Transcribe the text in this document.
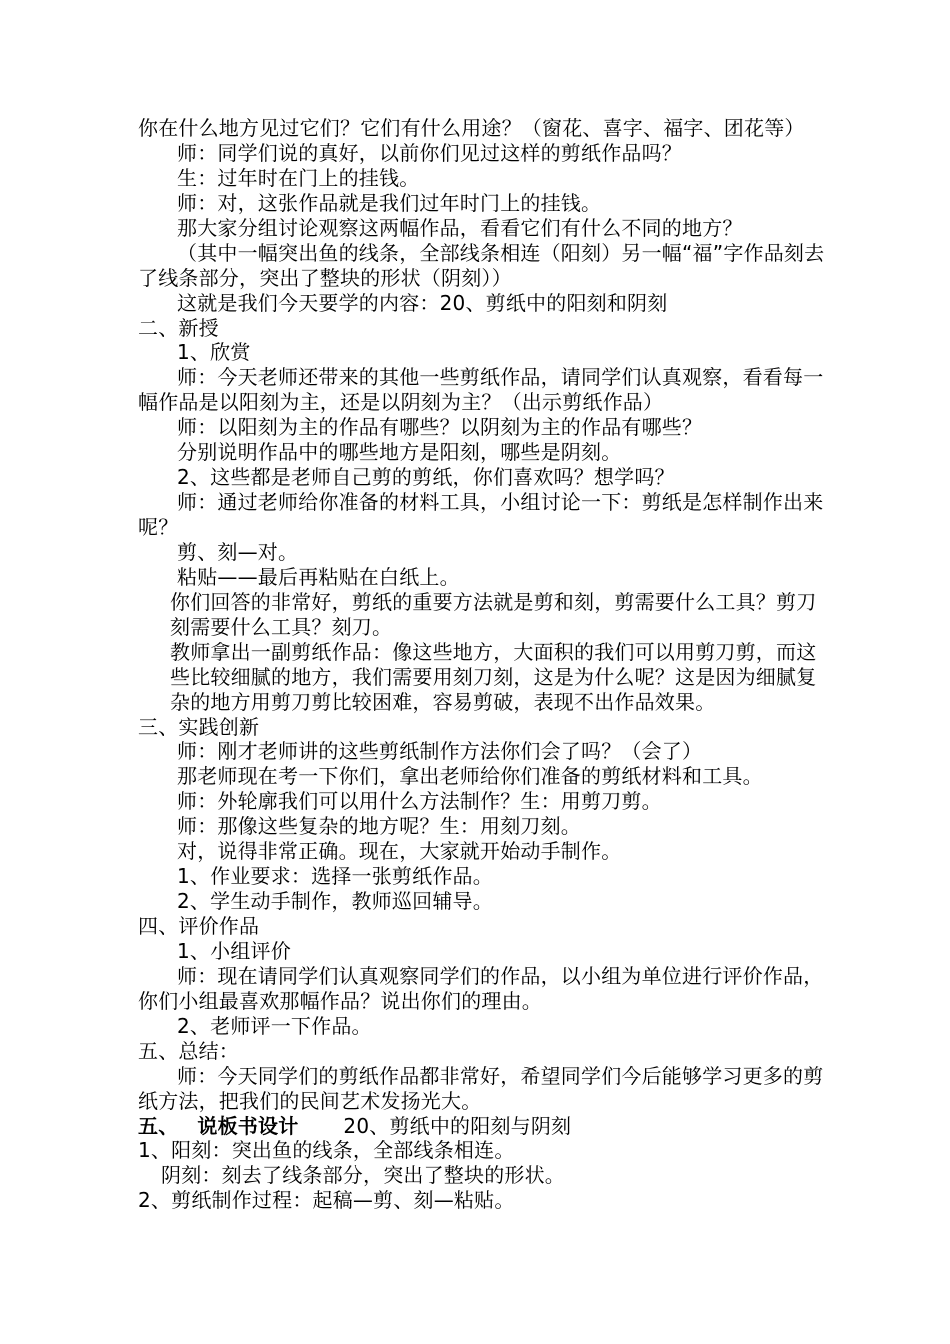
你在什么地方见过它们？它们有什么用途？（窗花、喜字、福字、团花等）
师：同学们说的真好，以前你们见过这样的剪纸作品吗？
生：过年时在门上的挂钱。
师：对，这张作品就是我们过年时门上的挂钱。
那大家分组讨论观察这两幅作品，看看它们有什么不同的地方？
（其中一幅突出鱼的线条，全部线条相连（阳刻）另一幅“福”字作品刻去
了线条部分，突出了整块的形状（阴刻））
这就是我们今天要学的内容：20、剪纸中的阳刻和阴刻
二、新授
1、欣赏
师：今天老师还带来的其他一些剪纸作品，请同学们认真观察，看看每一
幅作品是以阳刻为主，还是以阴刻为主？（出示剪纸作品）
师：以阳刻为主的作品有哪些？以阴刻为主的作品有哪些？
分别说明作品中的哪些地方是阳刻，哪些是阴刻。
2、这些都是老师自己剪的剪纸，你们喜欢吗？想学吗？
师：通过老师给你准备的材料工具，小组讨论一下：剪纸是怎样制作出来
呢？
剪、刻—对。
粘贴——最后再粘贴在白纸上。
你们回答的非常好，剪纸的重要方法就是剪和刻，剪需要什么工具？剪刀
刻需要什么工具？刻刀。
教师拿出一副剪纸作品：像这些地方，大面积的我们可以用剪刀剪，而这
些比较细腻的地方，我们需要用刻刀刻，这是为什么呢？这是因为细腻复
杂的地方用剪刀剪比较困难，容易剪破，表现不出作品效果。
三、实践创新
师：刚才老师讲的这些剪纸制作方法你们会了吗？（会了）
那老师现在考一下你们，拿出老师给你们准备的剪纸材料和工具。
师：外轮廓我们可以用什么方法制作？生：用剪刀剪。
师：那像这些复杂的地方呢？生：用刻刀刻。
对，说得非常正确。现在，大家就开始动手制作。
1、作业要求：选择一张剪纸作品。
2、学生动手制作，教师巡回辅导。
四、评价作品
1、小组评价
师：现在请同学们认真观察同学们的作品，以小组为单位进行评价作品，
你们小组最喜欢那幅作品？说出你们的理由。
2、老师评一下作品。
五、总结：
师：今天同学们的剪纸作品都非常好，希望同学们今后能够学习更多的剪
纸方法，把我们的民间艺术发扬光大。
五、 说板书设计 20、剪纸中的阳刻与阴刻
1、阳刻：突出鱼的线条，全部线条相连。
阴刻：刻去了线条部分，突出了整块的形状。
2、剪纸制作过程：起稿—剪、刻—粘贴。
